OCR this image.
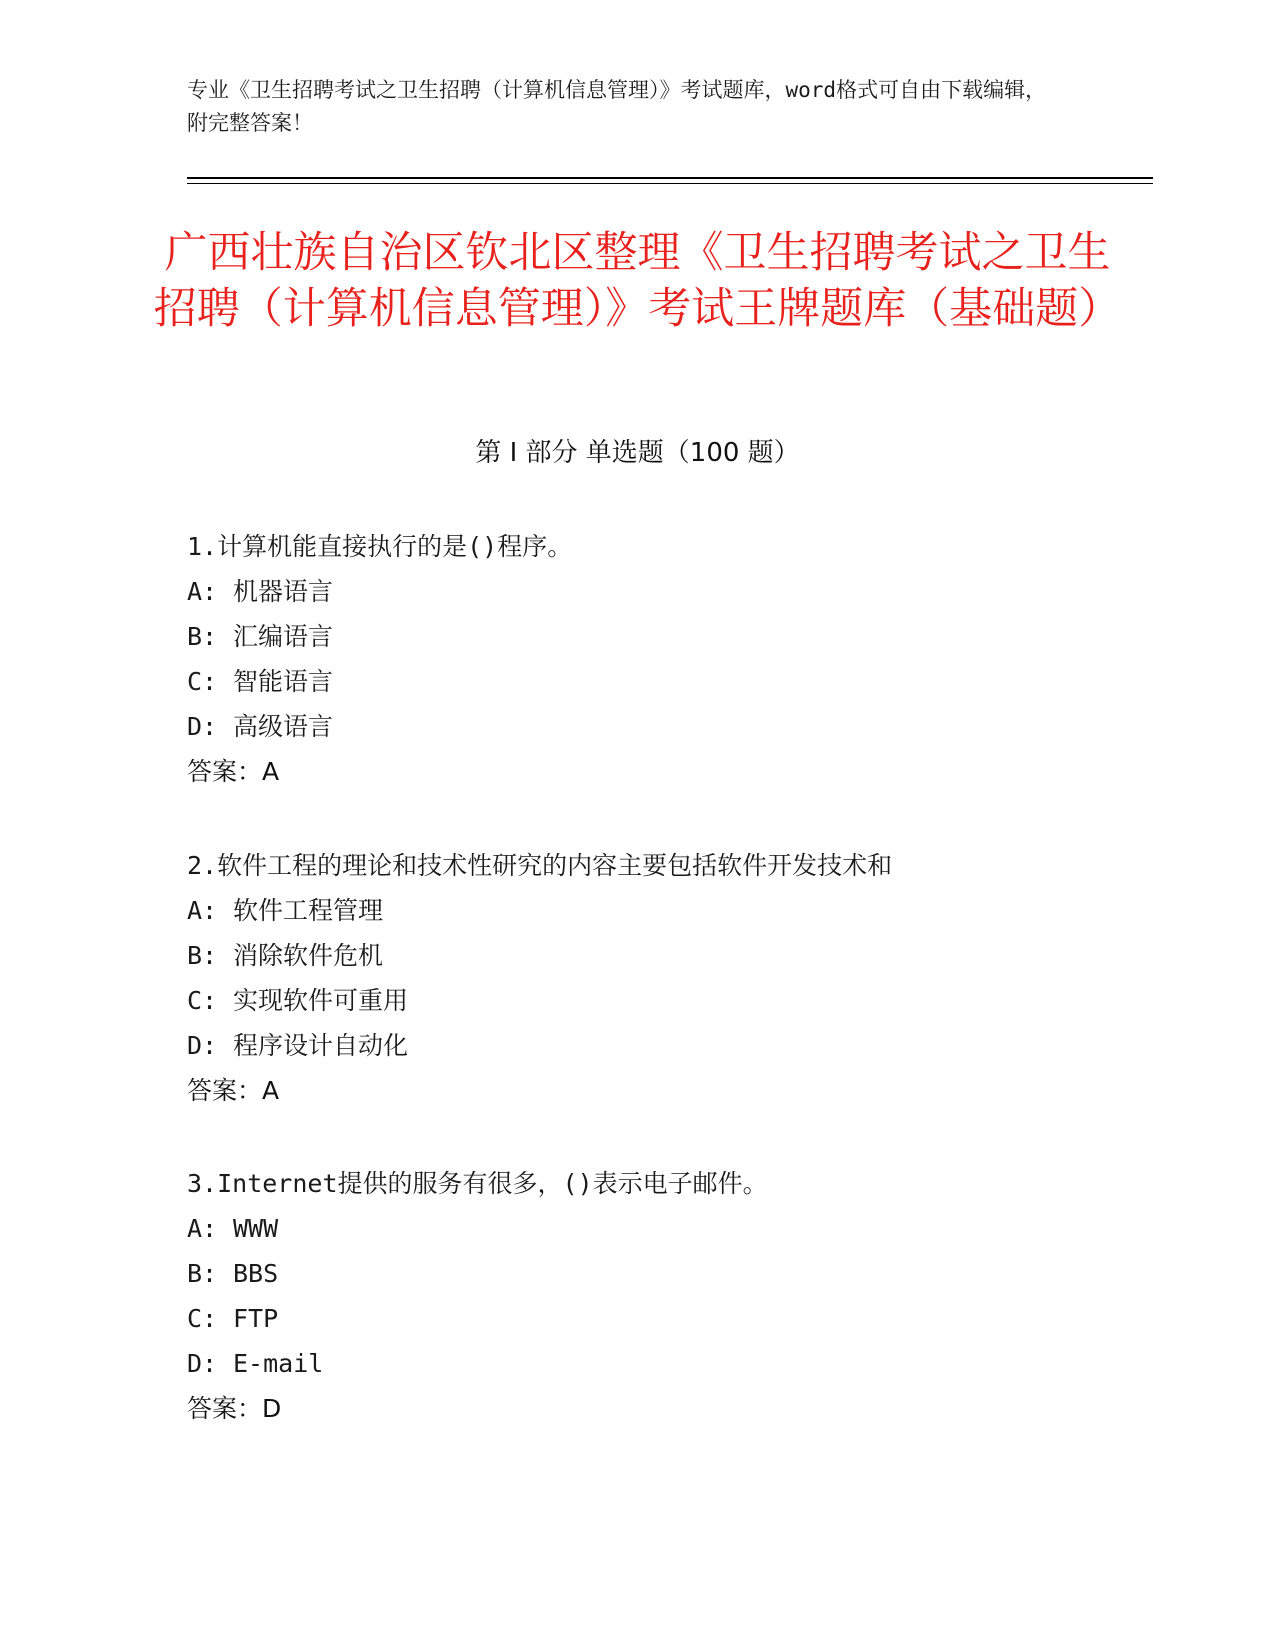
专业《卫生招聘考试之卫生招聘（计算机信息管理）》考试题库，word格式可自由下载编辑，附完整答案！
广西壮族自治区钦北区整理《卫生招聘考试之卫生招聘（计算机信息管理）》考试王牌题库（基础题）
第 I 部分 单选题（100 题）
1.计算机能直接执行的是()程序。
A: 机器语言
B: 汇编语言
C: 智能语言
D: 高级语言
答案：A
2.软件工程的理论和技术性研究的内容主要包括软件开发技术和
A: 软件工程管理
B: 消除软件危机
C: 实现软件可重用
D: 程序设计自动化
答案：A
3.Internet提供的服务有很多，()表示电子邮件。
A: WWW
B: BBS
C: FTP
D: E-mail
答案：D
